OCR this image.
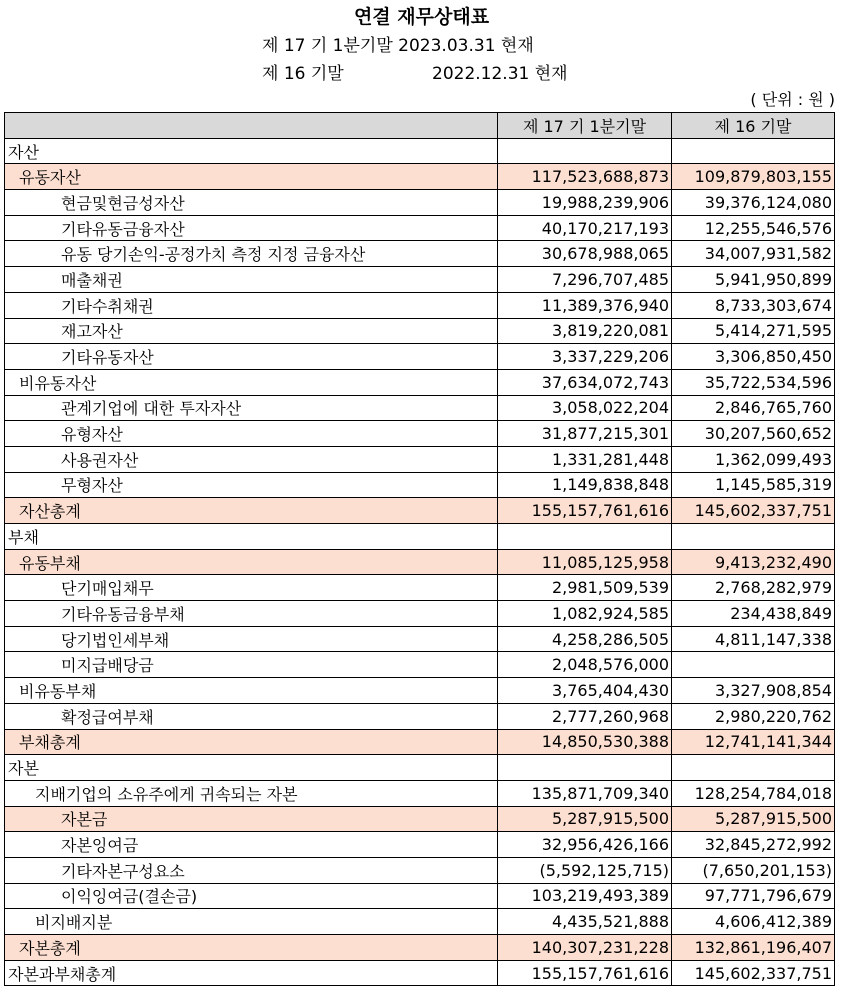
연결 재무상태표
제 17 기 1분기말 2023.03.31 현재
제 16 기말	2022.12.31 현재
( 단위 : 원 )
	제 17 기 1분기말	제 16 기말
자산		
유동자산	117,523,688,873	109,879,803,155
현금및현금성자산	19,988,239,906	39,376,124,080
기타유동금융자산	40,170,217,193	12,255,546,576
유동 당기손익-공정가치 측정 지정 금융자산	30,678,988,065	34,007,931,582
매출채권	7,296,707,485	5,941,950,899
기타수취채권	11,389,376,940	8,733,303,674
재고자산	3,819,220,081	5,414,271,595
기타유동자산	3,337,229,206	3,306,850,450
비유동자산	37,634,072,743	35,722,534,596
관계기업에 대한 투자자산	3,058,022,204	2,846,765,760
유형자산	31,877,215,301	30,207,560,652
사용권자산	1,331,281,448	1,362,099,493
무형자산	1,149,838,848	1,145,585,319
자산총계	155,157,761,616	145,602,337,751
부채		
유동부채	11,085,125,958	9,413,232,490
단기매입채무	2,981,509,539	2,768,282,979
기타유동금융부채	1,082,924,585	234,438,849
당기법인세부채	4,258,286,505	4,811,147,338
미지급배당금	2,048,576,000	
비유동부채	3,765,404,430	3,327,908,854
확정급여부채	2,777,260,968	2,980,220,762
부채총계	14,850,530,388	12,741,141,344
자본		
지배기업의 소유주에게 귀속되는 자본	135,871,709,340	128,254,784,018
자본금	5,287,915,500	5,287,915,500
자본잉여금	32,956,426,166	32,845,272,992
기타자본구성요소	(5,592,125,715)	(7,650,201,153)
이익잉여금(결손금)	103,219,493,389	97,771,796,679
비지배지분	4,435,521,888	4,606,412,389
자본총계	140,307,231,228	132,861,196,407
자본과부채총계	155,157,761,616	145,602,337,751
